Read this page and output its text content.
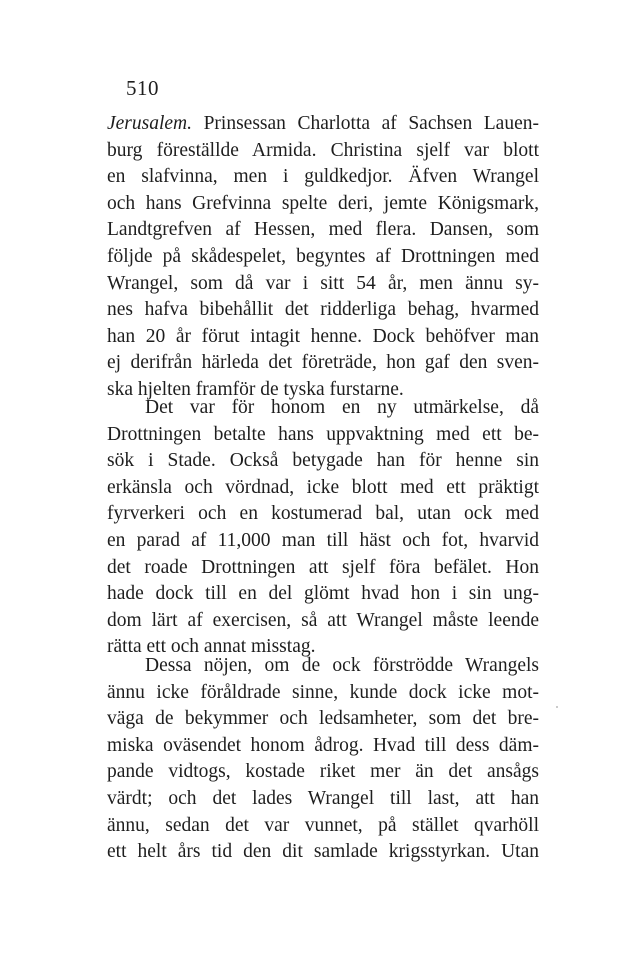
510
Jerusalem. Prinsessan Charlotta af Sachsen Lauen-
burg föreställde Armida. Christina sjelf var blott
en slafvinna, men i guldkedjor. Äfven Wrangel
och hans Grefvinna spelte deri, jemte Königsmark,
Landtgrefven af Hessen, med flera. Dansen, som
följde på skådespelet, begyntes af Drottningen med
Wrangel, som då var i sitt 54 år, men ännu sy-
nes hafva bibehållit det ridderliga behag, hvarmed
han 20 år förut intagit henne. Dock behöfver man
ej derifrån härleda det företräde, hon gaf den sven-
ska hjelten framför de tyska furstarne.
Det var för honom en ny utmärkelse, då
Drottningen betalte hans uppvaktning med ett be-
sök i Stade. Också betygade han för henne sin
erkänsla och vördnad, icke blott med ett präktigt
fyrverkeri och en kostumerad bal, utan ock med
en parad af 11,000 man till häst och fot, hvarvid
det roade Drottningen att sjelf föra befälet. Hon
hade dock till en del glömt hvad hon i sin ung-
dom lärt af exercisen, så att Wrangel måste leende
rätta ett och annat misstag.
Dessa nöjen, om de ock förströdde Wrangels
ännu icke föråldrade sinne, kunde dock icke mot-
väga de bekymmer och ledsamheter, som det bre-
miska oväsendet honom ådrog. Hvad till dess däm-
pande vidtogs, kostade riket mer än det ansågs
värdt; och det lades Wrangel till last, att han
ännu, sedan det var vunnet, på stället qvarhöll
ett helt års tid den dit samlade krigsstyrkan. Utan
